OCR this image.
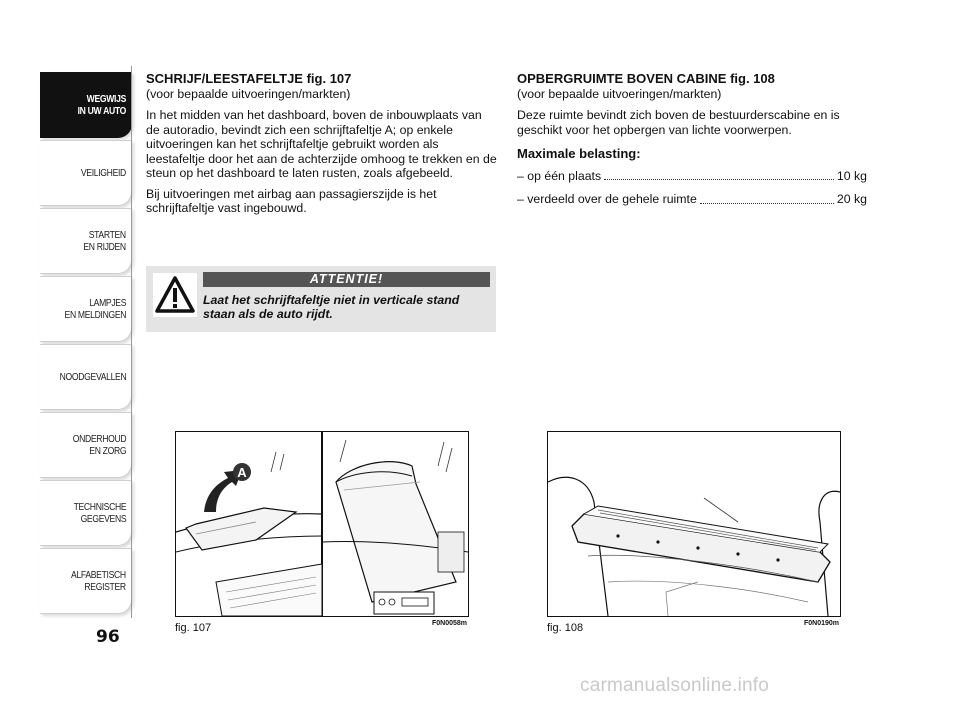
WEGWIJS
IN UW AUTO
VEILIGHEID
STARTEN
EN RIJDEN
LAMPJES
EN MELDINGEN
NOODGEVALLEN
ONDERHOUD
EN ZORG
TECHNISCHE
GEGEVENS
ALFABETISCH
REGISTER
96
SCHRIJF/LEESTAFELTJE fig. 107

(voor bepaalde uitvoeringen/markten)

In het midden van het dashboard, boven de inbouwplaats van de autoradio, bevindt zich een schrijftafeltje A; op enkele uitvoeringen kan het schrijftafeltje gebruikt worden als leestafeltje door het aan de achterzijde omhoog te trekken en de steun op het dashboard te laten rusten, zoals afgebeeld.

Bij uitvoeringen met airbag aan passagierszijde is het schrijftafeltje vast ingebouwd.

ATTENTIE!
Laat het schrijftafeltje niet in verticale stand staan als de auto rijdt.
OPBERGRUIMTE BOVEN CABINE fig. 108

(voor bepaalde uitvoeringen/markten)

Deze ruimte bevindt zich boven de bestuurderscabine en is geschikt voor het opbergen van lichte voorwerpen.

Maximale belasting:
– op één plaats	10 kg
– verdeeld over de gehele ruimte	20 kg
A
fig. 107	F0N0058m	fig. 108	F0N0190m
carmanualsonline.info
